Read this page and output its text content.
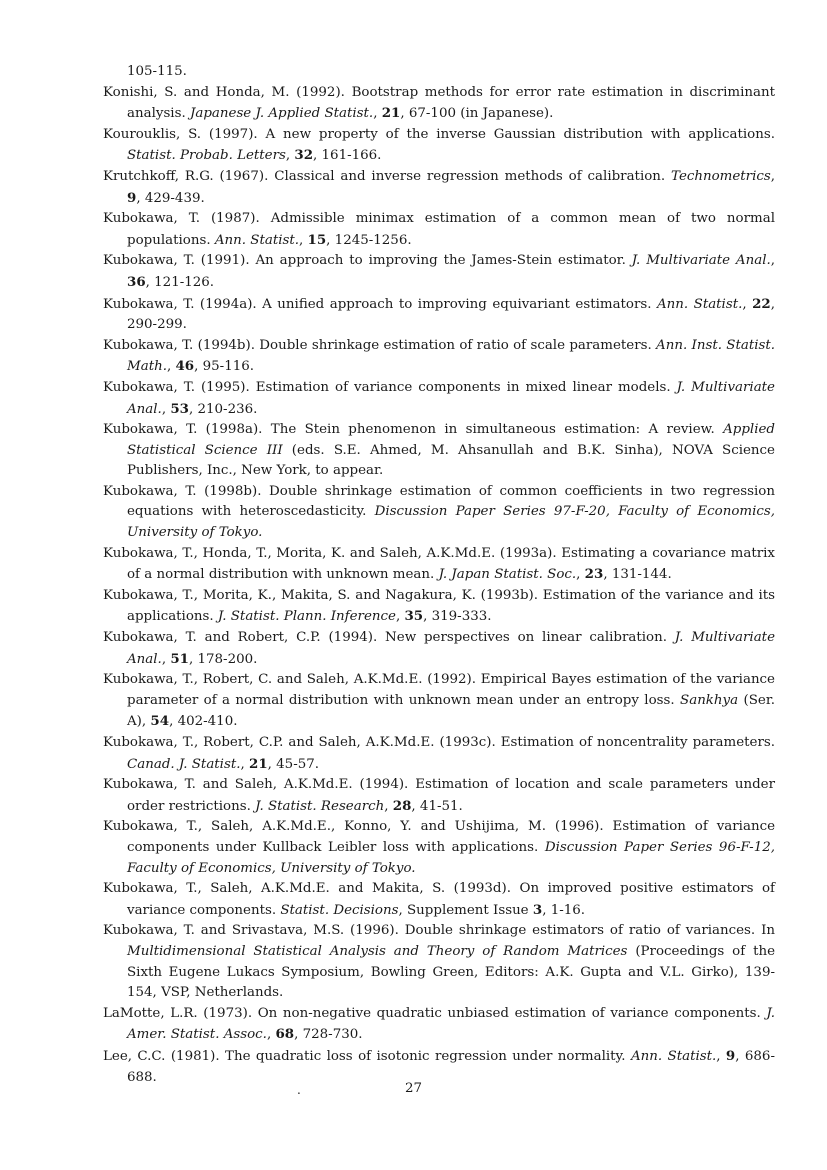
105-115.
Konishi, S. and Honda, M. (1992). Bootstrap methods for error rate estimation in discriminant analysis. Japanese J. Applied Statist., 21, 67-100 (in Japanese).
Kourouklis, S. (1997). A new property of the inverse Gaussian distribution with applications. Statist. Probab. Letters, 32, 161-166.
Krutchkoff, R.G. (1967). Classical and inverse regression methods of calibration. Technometrics, 9, 429-439.
Kubokawa, T. (1987). Admissible minimax estimation of a common mean of two normal populations. Ann. Statist., 15, 1245-1256.
Kubokawa, T. (1991). An approach to improving the James-Stein estimator. J. Multivariate Anal., 36, 121-126.
Kubokawa, T. (1994a). A unified approach to improving equivariant estimators. Ann. Statist., 22, 290-299.
Kubokawa, T. (1994b). Double shrinkage estimation of ratio of scale parameters. Ann. Inst. Statist. Math., 46, 95-116.
Kubokawa, T. (1995). Estimation of variance components in mixed linear models. J. Multivariate Anal., 53, 210-236.
Kubokawa, T. (1998a). The Stein phenomenon in simultaneous estimation: A review. Applied Statistical Science III (eds. S.E. Ahmed, M. Ahsanullah and B.K. Sinha), NOVA Science Publishers, Inc., New York, to appear.
Kubokawa, T. (1998b). Double shrinkage estimation of common coefficients in two regression equations with heteroscedasticity. Discussion Paper Series 97-F-20, Faculty of Economics, University of Tokyo.
Kubokawa, T., Honda, T., Morita, K. and Saleh, A.K.Md.E. (1993a). Estimating a covariance matrix of a normal distribution with unknown mean. J. Japan Statist. Soc., 23, 131-144.
Kubokawa, T., Morita, K., Makita, S. and Nagakura, K. (1993b). Estimation of the variance and its applications. J. Statist. Plann. Inference, 35, 319-333.
Kubokawa, T. and Robert, C.P. (1994). New perspectives on linear calibration. J. Multivariate Anal., 51, 178-200.
Kubokawa, T., Robert, C. and Saleh, A.K.Md.E. (1992). Empirical Bayes estimation of the variance parameter of a normal distribution with unknown mean under an entropy loss. Sankhya (Ser. A), 54, 402-410.
Kubokawa, T., Robert, C.P. and Saleh, A.K.Md.E. (1993c). Estimation of noncentrality parameters. Canad. J. Statist., 21, 45-57.
Kubokawa, T. and Saleh, A.K.Md.E. (1994). Estimation of location and scale parameters under order restrictions. J. Statist. Research, 28, 41-51.
Kubokawa, T., Saleh, A.K.Md.E., Konno, Y. and Ushijima, M. (1996). Estimation of variance components under Kullback Leibler loss with applications. Discussion Paper Series 96-F-12, Faculty of Economics, University of Tokyo.
Kubokawa, T., Saleh, A.K.Md.E. and Makita, S. (1993d). On improved positive estimators of variance components. Statist. Decisions, Supplement Issue 3, 1-16.
Kubokawa, T. and Srivastava, M.S. (1996). Double shrinkage estimators of ratio of variances. In Multidimensional Statistical Analysis and Theory of Random Matrices (Proceedings of the Sixth Eugene Lukacs Symposium, Bowling Green, Editors: A.K. Gupta and V.L. Girko), 139-154, VSP, Netherlands.
LaMotte, L.R. (1973). On non-negative quadratic unbiased estimation of variance components. J. Amer. Statist. Assoc., 68, 728-730.
Lee, C.C. (1981). The quadratic loss of isotonic regression under normality. Ann. Statist., 9, 686-688.
.	27
